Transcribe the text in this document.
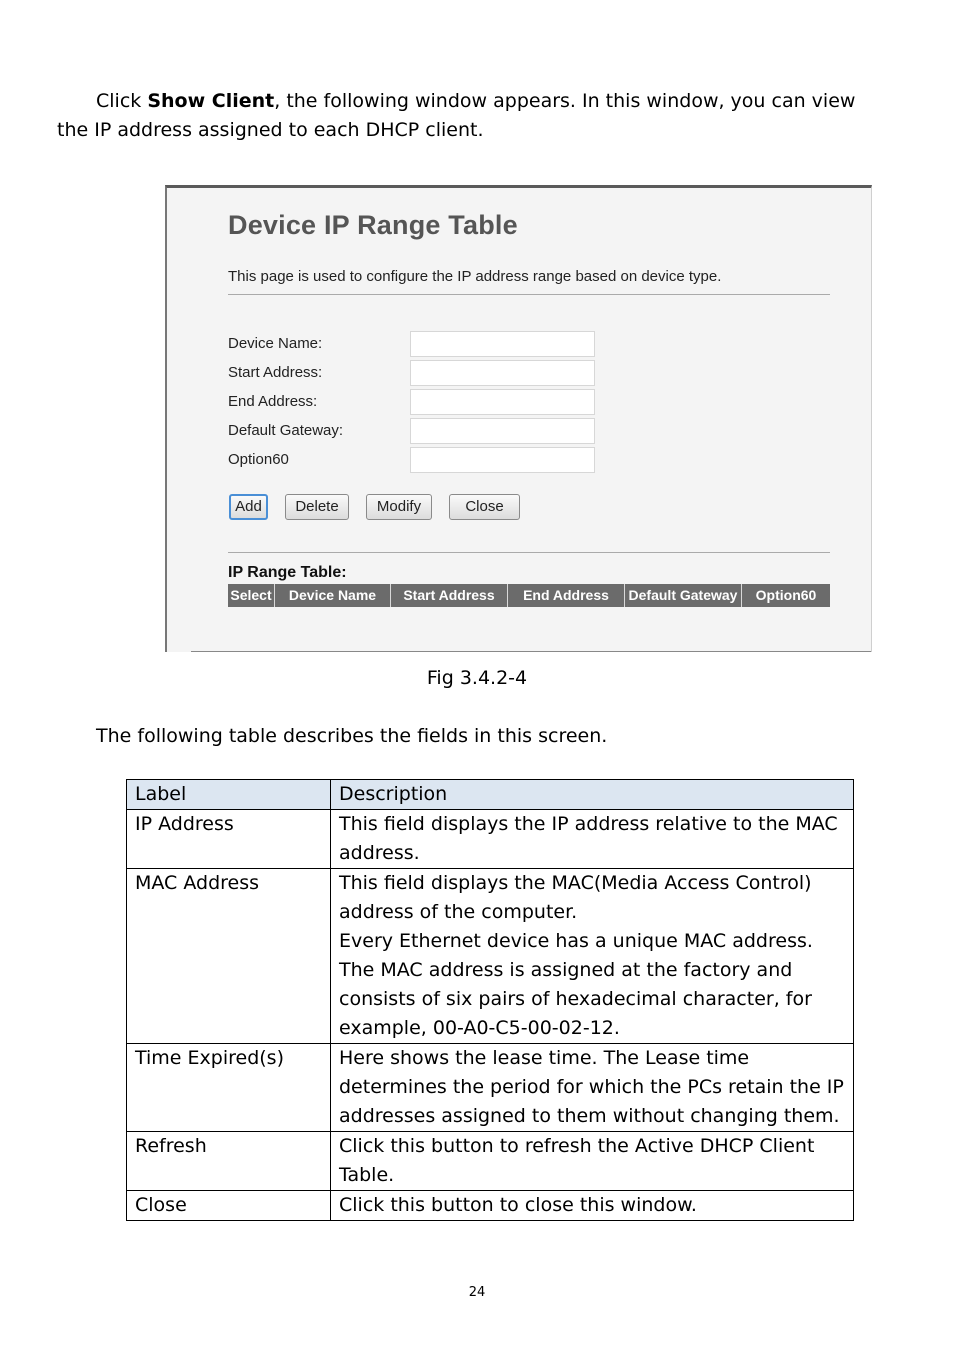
Click Show Client, the following window appears. In this window, you can view the IP address assigned to each DHCP client.

Device IP Range Table
This page is used to configure the IP address range based on device type.
Device Name:
Start Address:
End Address:
Default Gateway:
Option60
Add	Delete	Modify	Close
IP Range Table:
Select	Device Name	Start Address	End Address	Default Gateway	Option60
Fig 3.4.2-4
The following table describes the fields in this screen.
Label	Description
IP Address	This field displays the IP address relative to the MAC address.

MAC Address	This field displays the MAC(Media Access Control) address of the computer.
Every Ethernet device has a unique MAC address. The MAC address is assigned at the factory and consists of six pairs of hexadecimal character, for example, 00-A0-C5-00-02-12.

Time Expired(s)	Here shows the lease time. The Lease time determines the period for which the PCs retain the IP addresses assigned to them without changing them.

Refresh	Click this button to refresh the Active DHCP Client Table.

Close	Click this button to close this window.
24
